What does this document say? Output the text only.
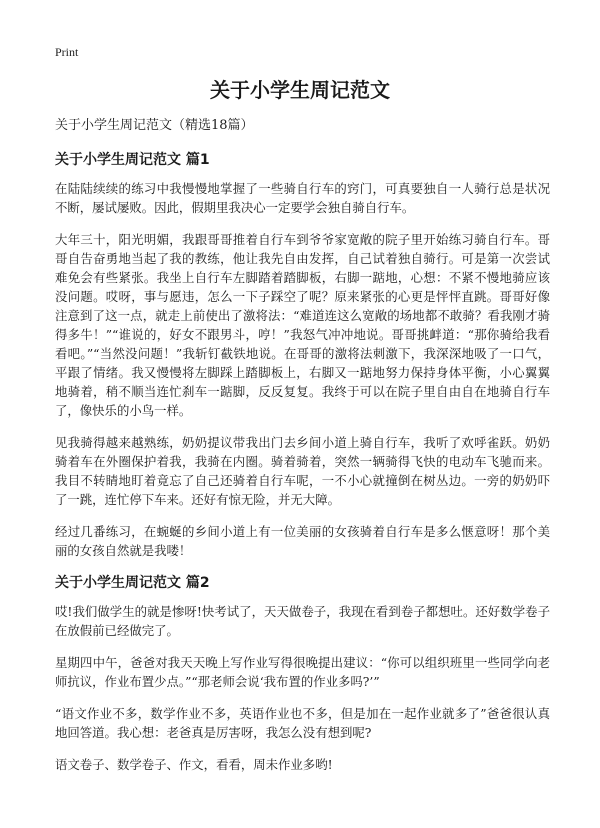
Print
关于小学生周记范文

关于小学生周记范文（精选18篇）

关于小学生周记范文 篇1

在陆陆续续的练习中我慢慢地掌握了一些骑自行车的窍门，可真要独自一人骑行总是状况不断，屡试屡败。因此，假期里我决心一定要学会独自骑自行车。

大年三十，阳光明媚，我跟哥哥推着自行车到爷爷家宽敞的院子里开始练习骑自行车。哥哥自告奋勇地当起了我的教练，他让我先自由发挥，自己试着独自骑行。可是第一次尝试难免会有些紧张。我坐上自行车左脚踏着踏脚板，右脚一踮地，心想：不紧不慢地骑应该没问题。哎呀，事与愿违，怎么一下子踩空了呢？原来紧张的心更是怦怦直跳。哥哥好像注意到了这一点，就走上前使出了激将法：“难道连这么宽敞的场地都不敢骑？看我刚才骑得多牛！”“谁说的，好女不跟男斗，哼！”我怒气冲冲地说。哥哥挑衅道：“那你骑给我看看吧。”“当然没问题！”我斩钉截铁地说。在哥哥的激将法刺激下，我深深地吸了一口气，平跟了情绪。我又慢慢将左脚踩上踏脚板上，右脚又一踮地努力保持身体平衡，小心翼翼地骑着，稍不顺当连忙刹车一踮脚，反反复复。我终于可以在院子里自由自在地骑自行车了，像快乐的小鸟一样。

见我骑得越来越熟练，奶奶提议带我出门去乡间小道上骑自行车，我听了欢呼雀跃。奶奶骑着车在外圈保护着我，我骑在内圈。骑着骑着，突然一辆骑得飞快的电动车飞驰而来。我目不转睛地盯着竟忘了自己还骑着自行车呢，一不小心就撞倒在树丛边。一旁的奶奶吓了一跳，连忙停下车来。还好有惊无险，并无大障。

经过几番练习，在蜿蜒的乡间小道上有一位美丽的女孩骑着自行车是多么惬意呀！那个美丽的女孩自然就是我喽！

关于小学生周记范文 篇2

哎!我们做学生的就是惨呀!快考试了，天天做卷子，我现在看到卷子都想吐。还好数学卷子在放假前已经做完了。

星期四中午，爸爸对我天天晚上写作业写得很晚提出建议：“你可以组织班里一些同学向老师抗议，作业布置少点。”“那老师会说‘我布置的作业多吗?’”

“语文作业不多，数学作业不多，英语作业也不多，但是加在一起作业就多了”爸爸很认真地回答道。我心想：老爸真是厉害呀，我怎么没有想到呢?

语文卷子、数学卷子、作文，看看，周未作业多哟!
